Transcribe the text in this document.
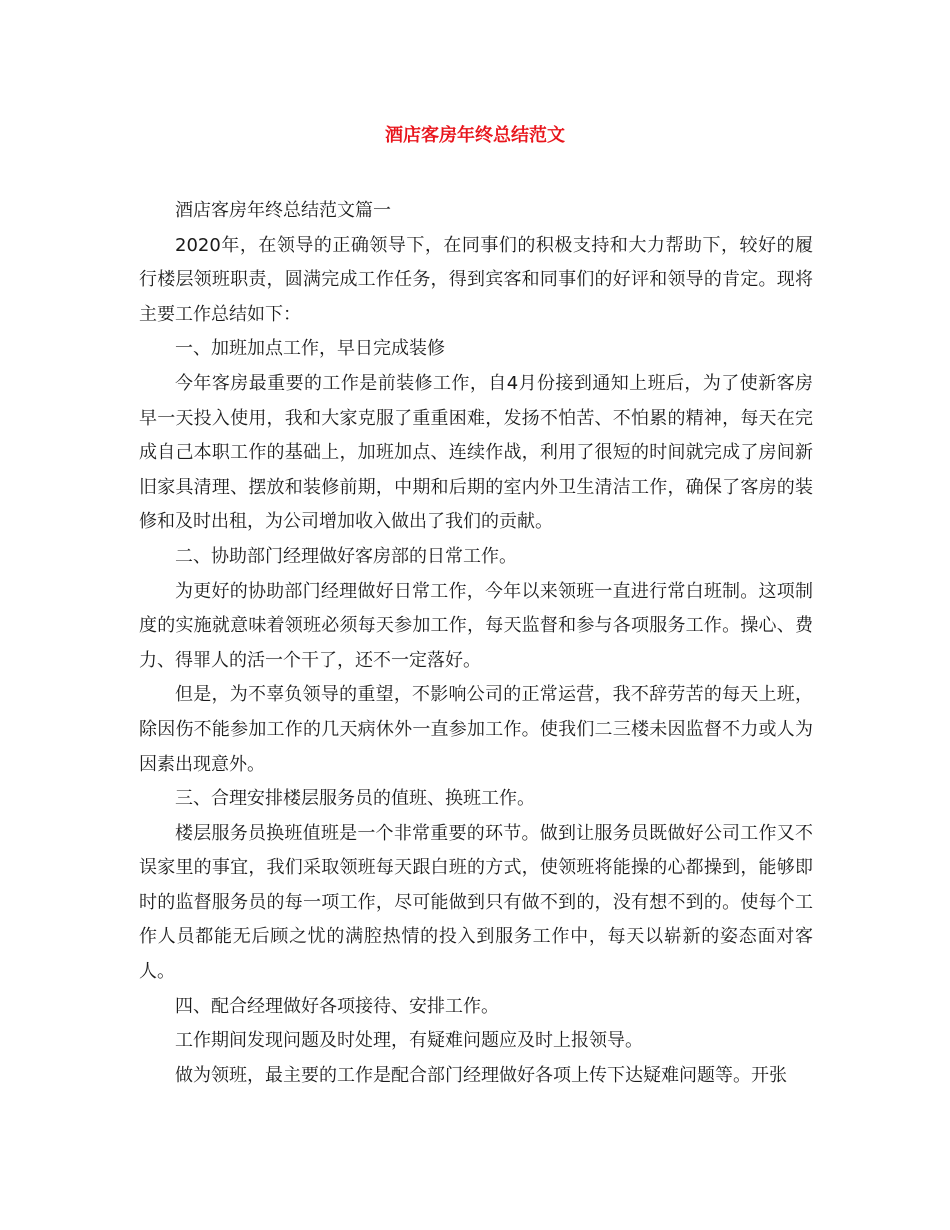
酒店客房年终总结范文

酒店客房年终总结范文篇一

2020年，在领导的正确领导下，在同事们的积极支持和大力帮助下，较好的履行楼层领班职责，圆满完成工作任务，得到宾客和同事们的好评和领导的肯定。现将主要工作总结如下：

一、加班加点工作，早日完成装修

今年客房最重要的工作是前装修工作，自4月份接到通知上班后，为了使新客房早一天投入使用，我和大家克服了重重困难，发扬不怕苦、不怕累的精神，每天在完成自己本职工作的基础上，加班加点、连续作战，利用了很短的时间就完成了房间新旧家具清理、摆放和装修前期，中期和后期的室内外卫生清洁工作，确保了客房的装修和及时出租，为公司增加收入做出了我们的贡献。

二、协助部门经理做好客房部的日常工作。

为更好的协助部门经理做好日常工作，今年以来领班一直进行常白班制。这项制度的实施就意味着领班必须每天参加工作，每天监督和参与各项服务工作。操心、费力、得罪人的活一个干了，还不一定落好。

但是，为不辜负领导的重望，不影响公司的正常运营，我不辞劳苦的每天上班，除因伤不能参加工作的几天病休外一直参加工作。使我们二三楼未因监督不力或人为因素出现意外。

三、合理安排楼层服务员的值班、换班工作。

楼层服务员换班值班是一个非常重要的环节。做到让服务员既做好公司工作又不误家里的事宜，我们采取领班每天跟白班的方式，使领班将能操的心都操到，能够即时的监督服务员的每一项工作，尽可能做到只有做不到的，没有想不到的。使每个工作人员都能无后顾之忧的满腔热情的投入到服务工作中，每天以崭新的姿态面对客人。

四、配合经理做好各项接待、安排工作。

工作期间发现问题及时处理，有疑难问题应及时上报领导。

做为领班，最主要的工作是配合部门经理做好各项上传下达疑难问题等。开张
